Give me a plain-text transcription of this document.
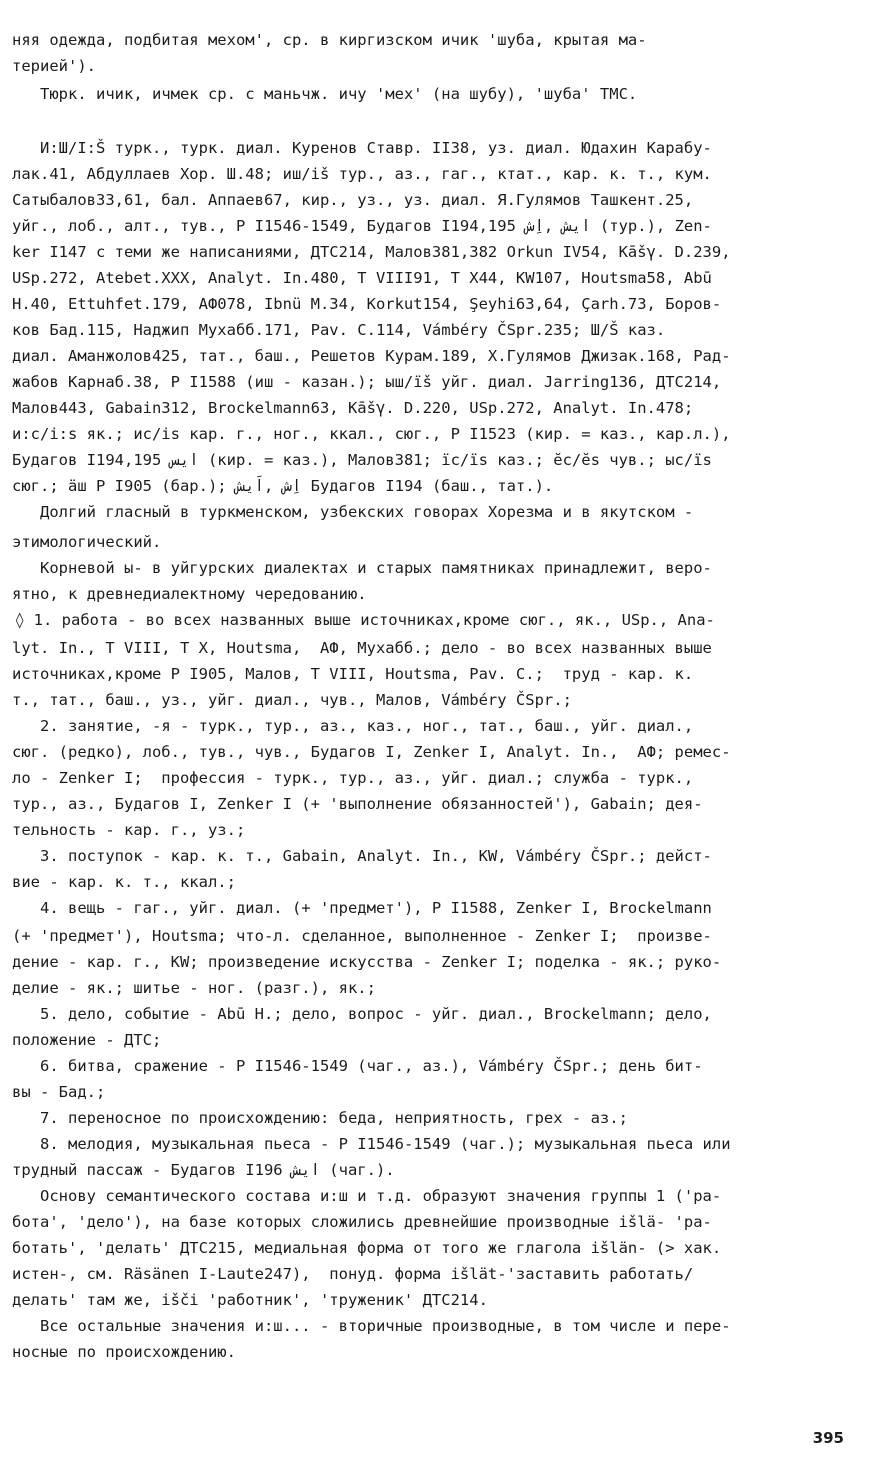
няя одежда, подбитая мехом', ср. в киргизском ичик 'шуба, крытая ма-
терией').
Тюрк. ичик, ичмек ср. с маньчж. ичу 'мех' (на шубу), 'шуба' ТМС.
И:Ш/I:Š турк., турк. диал. Куренов Ставр. II38, уз. диал. Юдахин Карабу-
лак.41, Абдуллаев Хор. Ш.48; иш/iš тур., аз., гаг., ктат., кар. к. т., кум.
Сатыбалов33,61, бал. Аппаев67, кир., уз., уз. диал. Я.Гулямов Ташкент.25,
уйг., лоб., алт., тув., P I1546-1549, Будагов I194,195 ایش ,اِش (тур.), Zen-
ker I147 с теми же написаниями, ДТС214, Малов381,382 Orkun IV54, Kāšγ. D.239,
USp.272, Atebet.XXX, Analyt. In.480, T VIII91, T X44, KW107, Houtsma58, Abū
H.40, Ettuhfet.179, АФ078, Ibnü M.34, Korkut154, Şeyhi63,64, Çarh.73, Боров-
ков Бад.115, Наджип Мухабб.171, Pav. C.114, Vámbéry ČSpr.235; Ш/Š каз.
диал. Аманжолов425, тат., баш., Решетов Курам.189, Х.Гулямов Джизак.168, Рад-
жабов Карнаб.38, P I1588 (иш - казан.); ыш/ïš уйг. диал. Jarring136, ДТС214,
Малов443, Gabain312, Brockelmann63, Kāšγ. D.220, USp.272, Analyt. In.478;
и:с/i:s як.; ис/is кар. г., ног., ккал., сюг., P I1523 (кир. = каз., кар.л.),
Будагов I194,195 ایس (кир. = каз.), Малов381; ïс/ïs каз.; ĕс/ĕs чув.; ыс/ïs
сюг.; äш P I905 (бар.); اِش ,اَیش Будагов I194 (баш., тат.).
Долгий гласный в туркменском, узбекских говорах Хорезма и в якутском -
этимологический.
Корневой ы- в уйгурских диалектах и старых памятниках принадлежит, веро-
ятно, к древнедиалектному чередованию.
◊ 1. работа - во всех названных выше источниках,кроме сюг., як., USp., Ana-
lyt. In., T VIII, T X, Houtsma,  АФ, Мухабб.; дело - во всех названных выше
источниках,кроме P I905, Малов, T VIII, Houtsma, Pav. C.;  труд - кар. к.
т., тат., баш., уз., уйг. диал., чув., Малов, Vámbéry ČSpr.;
2. занятие, -я - турк., тур., аз., каз., ног., тат., баш., уйг. диал.,
сюг. (редко), лоб., тув., чув., Будагов I, Zenker I, Analyt. In.,  АФ; ремес-
ло - Zenker I;  профессия - турк., тур., аз., уйг. диал.; служба - турк.,
тур., аз., Будагов I, Zenker I (+ 'выполнение обязанностей'), Gabain; дея-
тельность - кар. г., уз.;
3. поступок - кар. к. т., Gabain, Analyt. In., KW, Vámbéry ČSpr.; дейст-
вие - кар. к. т., ккал.;
4. вещь - гаг., уйг. диал. (+ 'предмет'), P I1588, Zenker I, Brockelmann
(+ 'предмет'), Houtsma; что-л. сделанное, выполненное - Zenker I;  произве-
дение - кар. г., KW; произведение искусства - Zenker I; поделка - як.; руко-
делие - як.; шитье - ног. (разг.), як.;
5. дело, событие - Abū H.; дело, вопрос - уйг. диал., Brockelmann; дело,
положение - ДТС;
6. битва, сражение - P I1546-1549 (чаг., аз.), Vámbéry ČSpr.; день бит-
вы - Бад.;
7. переносное по происхождению: беда, неприятность, грех - аз.;
8. мелодия, музыкальная пьеса - P I1546-1549 (чаг.); музыкальная пьеса или
трудный пассаж - Будагов I196 ایش (чаг.).
Основу семантического состава и:ш и т.д. образуют значения группы 1 ('ра-
бота', 'дело'), на базе которых сложились древнейшие производные išlä- 'ра-
ботать', 'делать' ДТС215, медиальная форма от того же глагола išlän- (> хак.
истен-, см. Räsänen I-Laute247),  понуд. форма išlät-'заставить работать/
делать' там же, išči 'работник', 'труженик' ДТС214.
Все остальные значения и:ш... - вторичные производные, в том числе и пере-
носные по происхождению.
395
